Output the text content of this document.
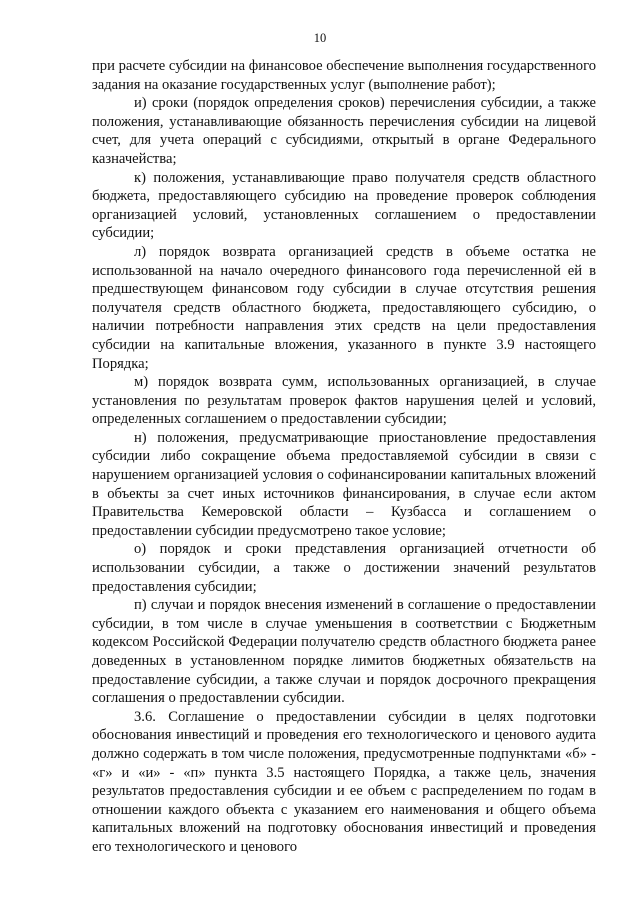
10

при расчете субсидии на финансовое обеспечение выполнения государственного задания на оказание государственных услуг (выполнение работ);

и) сроки (порядок определения сроков) перечисления субсидии, а также положения, устанавливающие обязанность перечисления субсидии на лицевой счет, для учета операций с субсидиями, открытый в органе Федерального казначейства;

к) положения, устанавливающие право получателя средств областного бюджета, предоставляющего субсидию на проведение проверок соблюдения организацией условий, установленных соглашением о предоставлении субсидии;

л) порядок возврата организацией средств в объеме остатка не использованной на начало очередного финансового года перечисленной ей в предшествующем финансовом году субсидии в случае отсутствия решения получателя средств областного бюджета, предоставляющего субсидию, о наличии потребности направления этих средств на цели предоставления субсидии на капитальные вложения, указанного в пункте 3.9 настоящего Порядка;

м) порядок возврата сумм, использованных организацией, в случае установления по результатам проверок фактов нарушения целей и условий, определенных соглашением о предоставлении субсидии;

н) положения, предусматривающие приостановление предоставления субсидии либо сокращение объема предоставляемой субсидии в связи с нарушением организацией условия о софинансировании капитальных вложений в объекты за счет иных источников финансирования, в случае если актом Правительства Кемеровской области – Кузбасса и соглашением о предоставлении субсидии предусмотрено такое условие;

о) порядок и сроки представления организацией отчетности об использовании субсидии, а также о достижении значений результатов предоставления субсидии;

п) случаи и порядок внесения изменений в соглашение о предоставлении субсидии, в том числе в случае уменьшения в соответствии с Бюджетным кодексом Российской Федерации получателю средств областного бюджета ранее доведенных в установленном порядке лимитов бюджетных обязательств на предоставление субсидии, а также случаи и порядок досрочного прекращения соглашения о предоставлении субсидии.

3.6. Соглашение о предоставлении субсидии в целях подготовки обоснования инвестиций и проведения его технологического и ценового аудита должно содержать в том числе положения, предусмотренные подпунктами «б» - «г» и «и» - «п» пункта 3.5 настоящего Порядка, а также цель, значения результатов предоставления субсидии и ее объем с распределением по годам в отношении каждого объекта с указанием его наименования и общего объема капитальных вложений на подготовку обоснования инвестиций и проведения его технологического и ценового
